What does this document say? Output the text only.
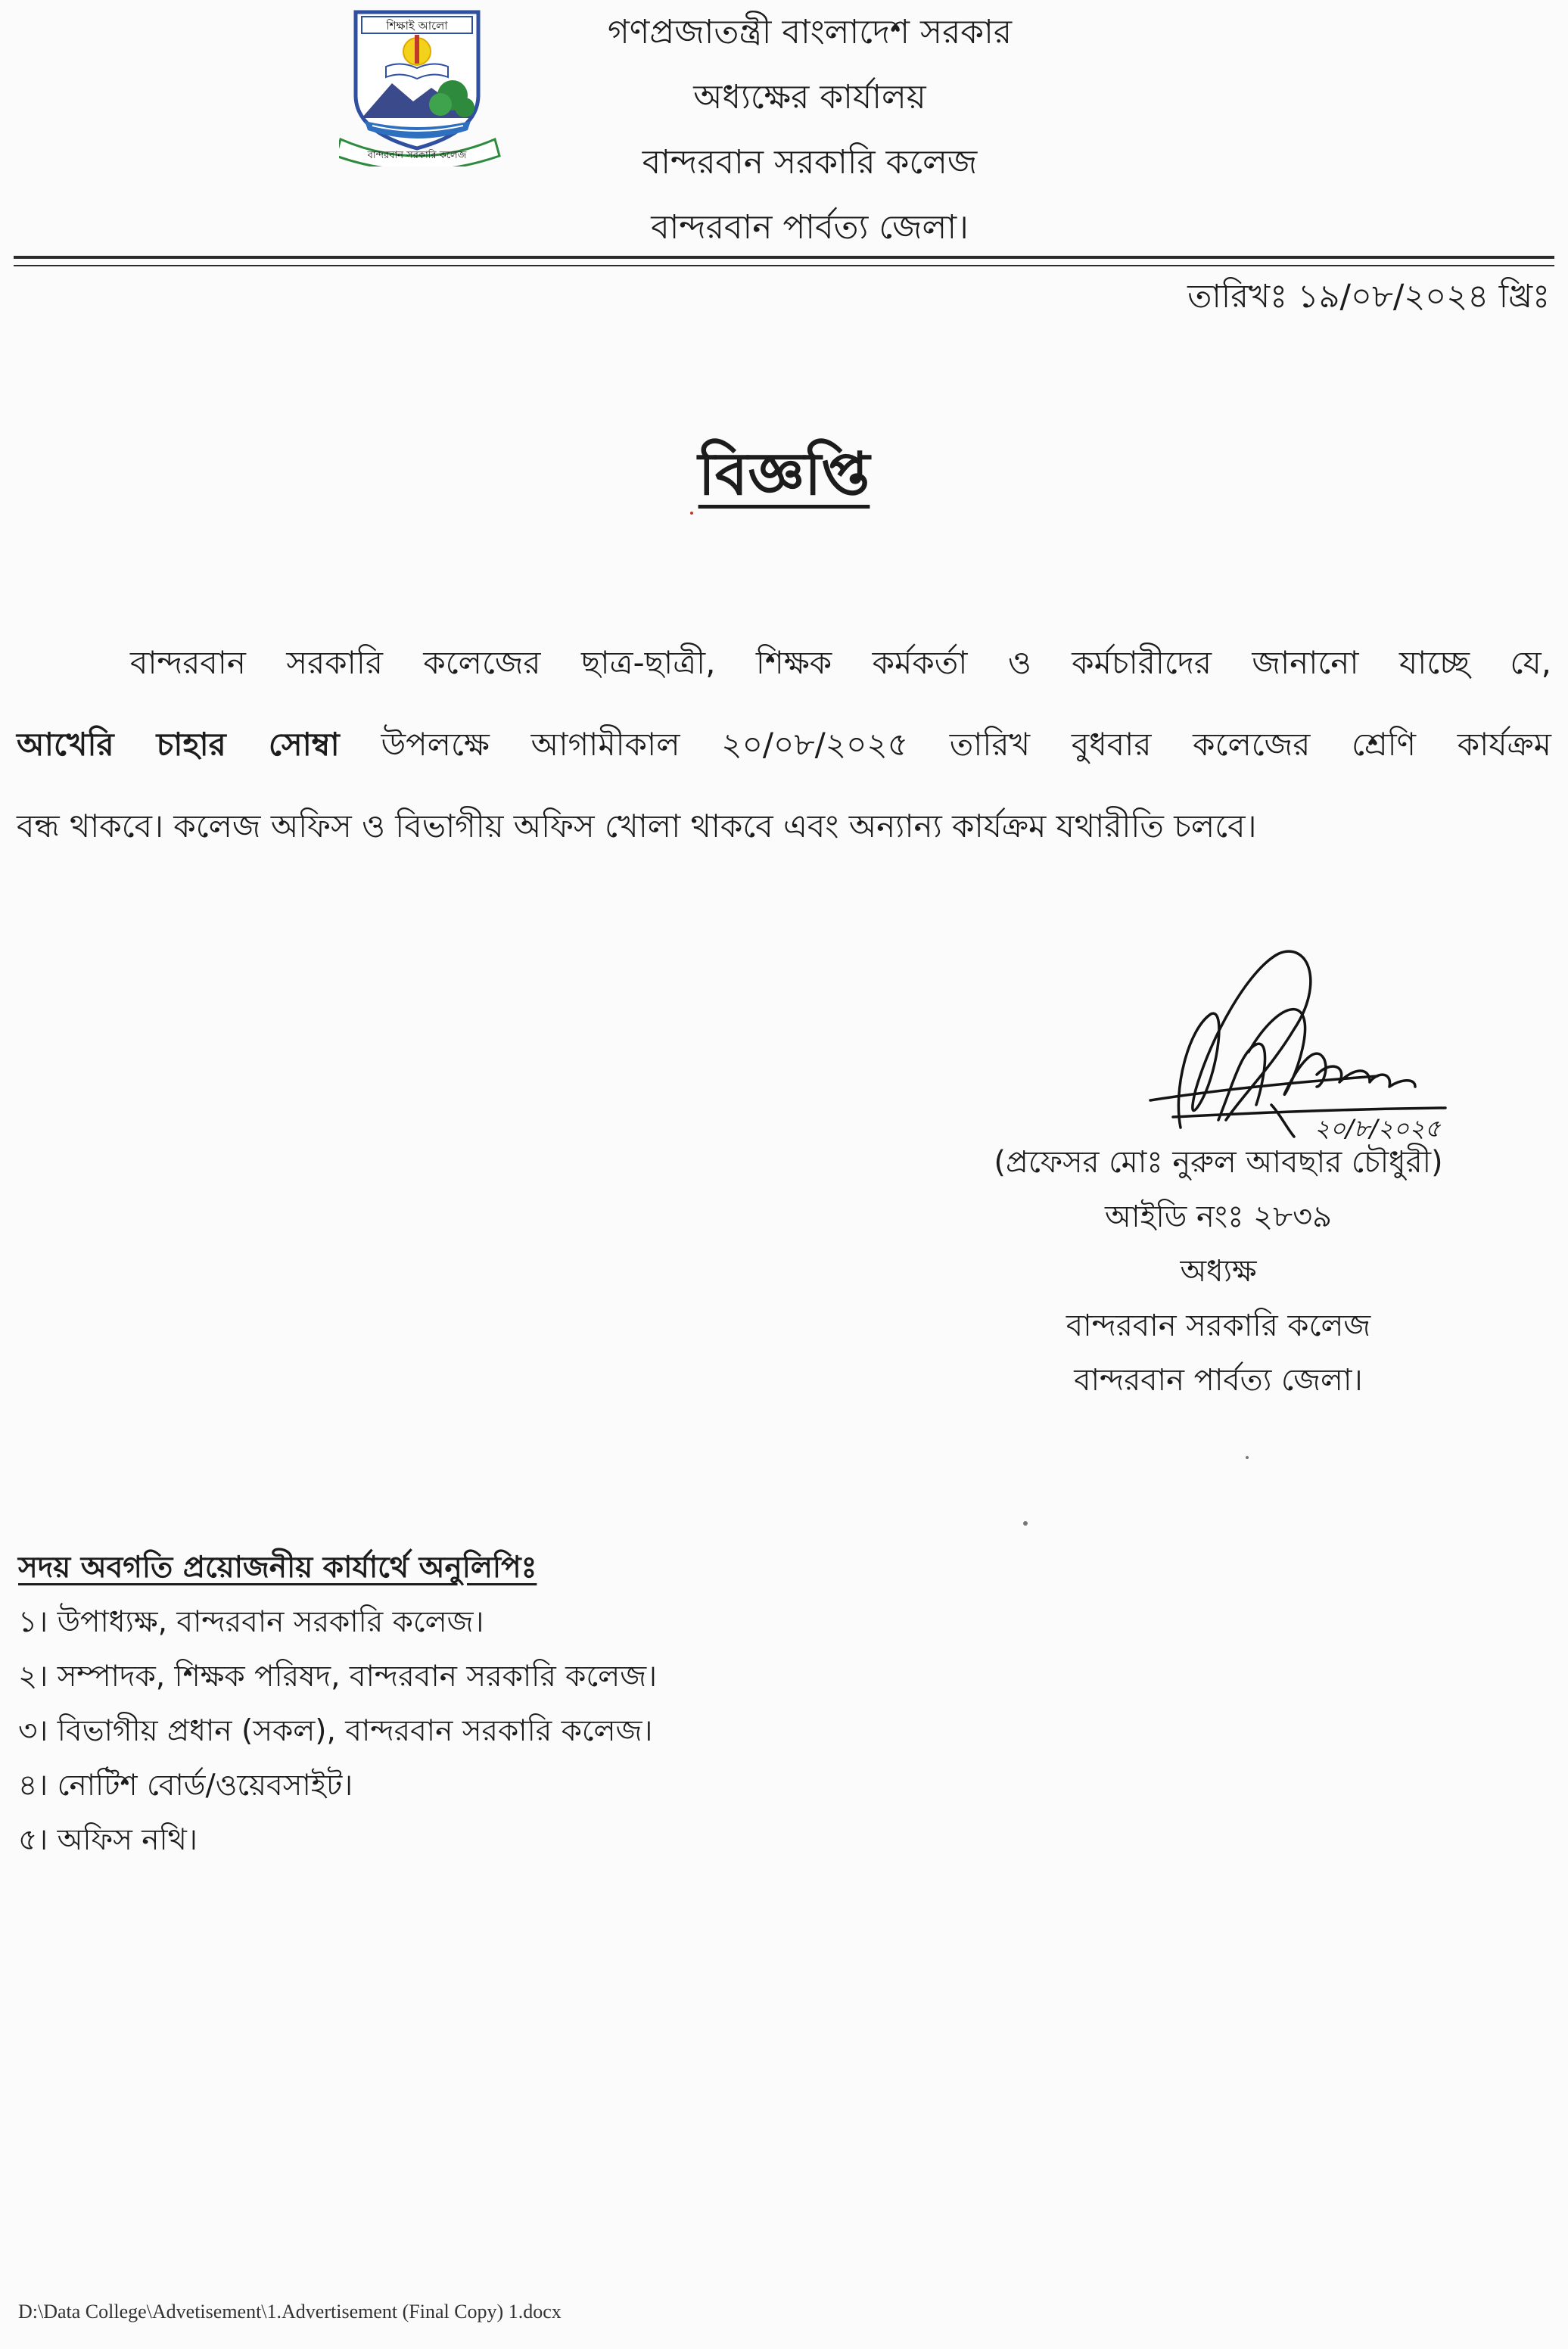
শিক্ষাই আলো
বান্দরবান সরকারি কলেজ
গণপ্রজাতন্ত্রী বাংলাদেশ সরকার
অধ্যক্ষের কার্যালয়
বান্দরবান সরকারি কলেজ
বান্দরবান পার্বত্য জেলা।
তারিখঃ ১৯/০৮/২০২৪ খ্রিঃ
বিজ্ঞপ্তি
বান্দরবান সরকারি কলেজের ছাত্র-ছাত্রী, শিক্ষক কর্মকর্তা ও কর্মচারীদের জানানো যাচ্ছে যে,
আখেরি চাহার সোম্বা উপলক্ষে আগামীকাল ২০/০৮/২০২৫ তারিখ বুধবার কলেজের শ্রেণি কার্যক্রম
বন্ধ থাকবে। কলেজ অফিস ও বিভাগীয় অফিস খোলা থাকবে এবং অন্যান্য কার্যক্রম যথারীতি চলবে।
২০/৮/২০২৫
(প্রফেসর মোঃ নুরুল আবছার চৌধুরী)
আইডি নংঃ ২৮৩৯
অধ্যক্ষ
বান্দরবান সরকারি কলেজ
বান্দরবান পার্বত্য জেলা।
সদয় অবগতি প্রয়োজনীয় কার্যার্থে অনুলিপিঃ
১। উপাধ্যক্ষ, বান্দরবান সরকারি কলেজ।
২। সম্পাদক, শিক্ষক পরিষদ, বান্দরবান সরকারি কলেজ।
৩। বিভাগীয় প্রধান (সকল), বান্দরবান সরকারি কলেজ।
৪। নোটিশ বোর্ড/ওয়েবসাইট।
৫। অফিস নথি।
D:\Data College\Advetisement\1.Advertisement (Final Copy) 1.docx
